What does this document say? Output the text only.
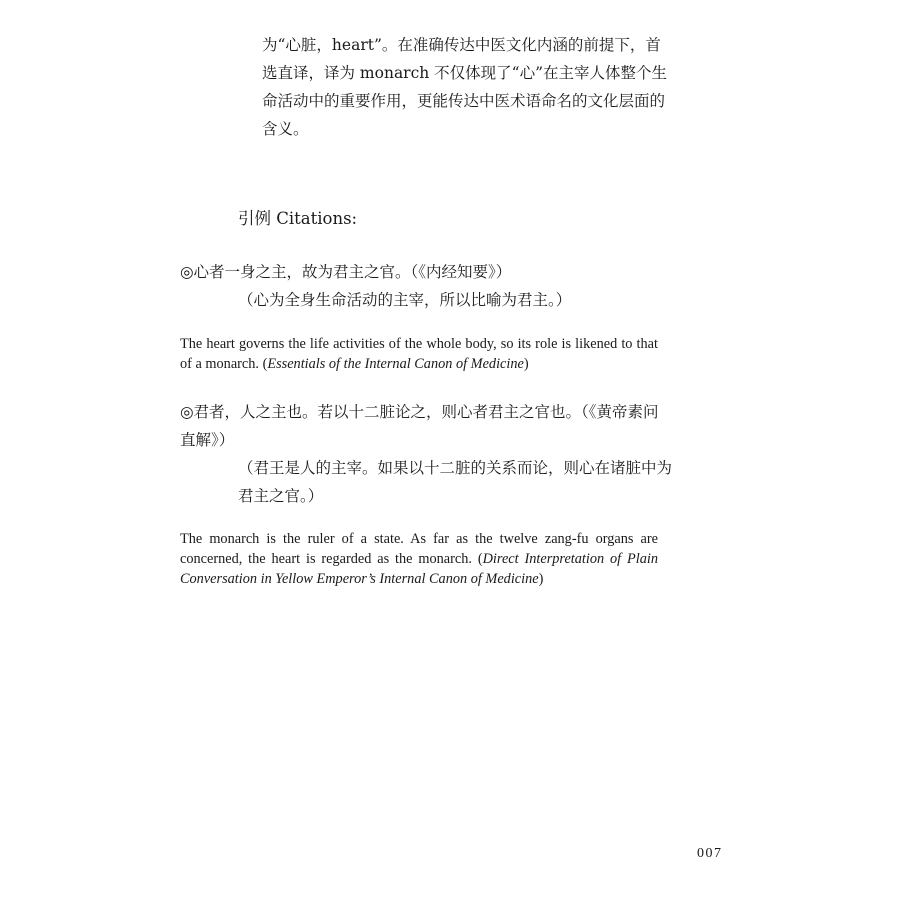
为“心脏，heart”。在准确传达中医文化内涵的前提下，首
选直译，译为 monarch 不仅体现了“心”在主宰人体整个生
命活动中的重要作用，更能传达中医术语命名的文化层面的
含义。
引例 Citations:
◎心者一身之主，故为君主之官。（《内经知要》）
（心为全身生命活动的主宰，所以比喻为君主。）
The heart governs the life activities of the whole body, so its role is likened to that of a monarch. (Essentials of the Internal Canon of Medicine)
◎君者，人之主也。若以十二脏论之，则心者君主之官也。（《黄帝素问
直解》）
（君王是人的主宰。如果以十二脏的关系而论，则心在诸脏中为
君主之官。）
The monarch is the ruler of a state. As far as the twelve zang-fu organs are concerned, the heart is regarded as the monarch. (Direct Interpretation of Plain Conversation in Yellow Emperor’s Internal Canon of Medicine)
007
